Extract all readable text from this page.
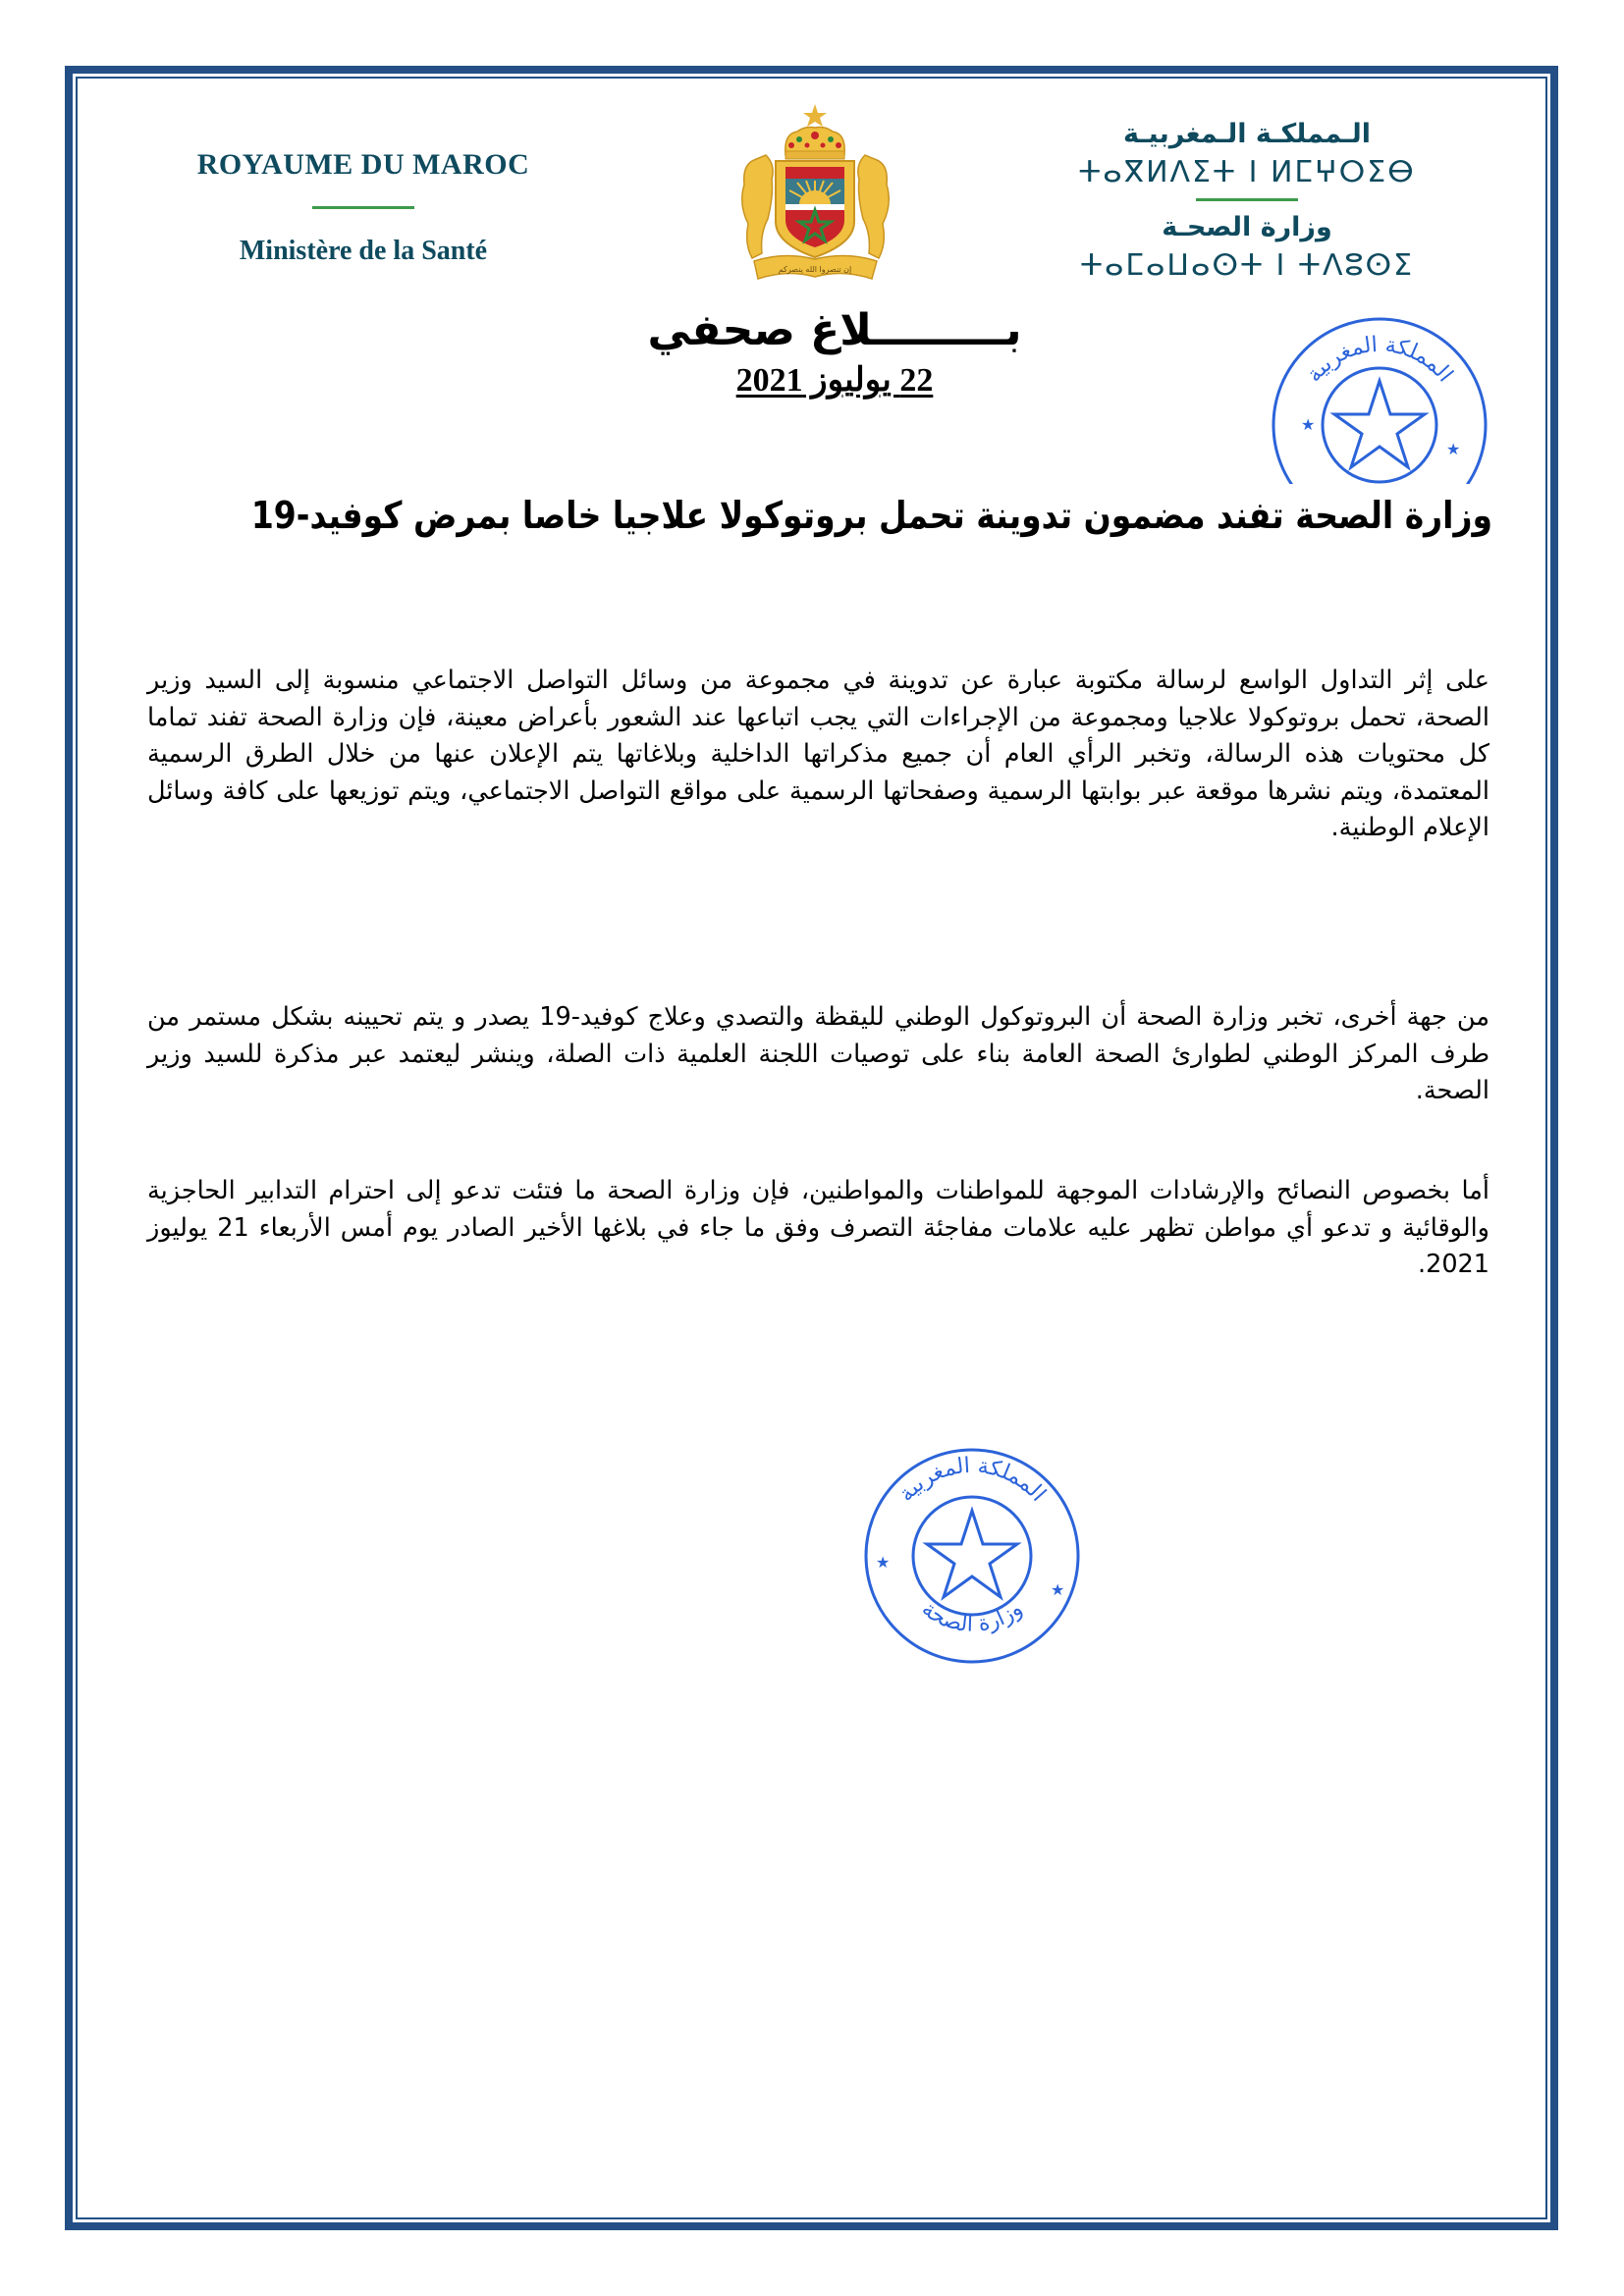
ROYAUME DU MAROC
Ministère de la Santé
إن تنصروا الله ينصركم
الـمملكـة الـمغربيـة
ⵜⴰⴳⵍⴷⵉⵜ ⵏ ⵍⵎⵖⵔⵉⴱ
وزارة الصحـة
ⵜⴰⵎⴰⵡⴰⵙⵜ ⵏ ⵜⴷⵓⵙⵉ
المملكة المغربية
★
★
بـــــــــلاغ صحفي
22 يوليوز 2021
وزارة الصحة تفند مضمون تدوينة تحمل بروتوكولا علاجيا خاصا بمرض كوفيد-19

على إثر التداول الواسع لرسالة مكتوبة عبارة عن تدوينة في مجموعة من وسائل التواصل الاجتماعي منسوبة إلى السيد وزير الصحة، تحمل بروتوكولا علاجيا ومجموعة من الإجراءات التي يجب اتباعها عند الشعور بأعراض معينة، فإن وزارة الصحة تفند تماما كل محتويات هذه الرسالة، وتخبر الرأي العام أن جميع مذكراتها الداخلية وبلاغاتها يتم الإعلان عنها من خلال الطرق الرسمية المعتمدة، ويتم نشرها موقعة عبر بوابتها الرسمية وصفحاتها الرسمية على مواقع التواصل الاجتماعي، ويتم توزيعها على كافة وسائل الإعلام الوطنية.

من جهة أخرى، تخبر وزارة الصحة أن البروتوكول الوطني لليقظة والتصدي وعلاج كوفيد-19 يصدر و يتم تحيينه بشكل مستمر من طرف المركز الوطني لطوارئ الصحة العامة بناء على توصيات اللجنة العلمية ذات الصلة، وينشر ليعتمد عبر مذكرة للسيد وزير الصحة.

أما بخصوص النصائح والإرشادات الموجهة للمواطنات والمواطنين، فإن وزارة الصحة ما فتئت تدعو إلى احترام التدابير الحاجزية والوقائية و تدعو أي مواطن تظهر عليه علامات مفاجئة التصرف وفق ما جاء في بلاغها الأخير الصادر يوم أمس الأربعاء 21 يوليوز 2021.

المملكة المغربية
وزارة الصحة
★
★
